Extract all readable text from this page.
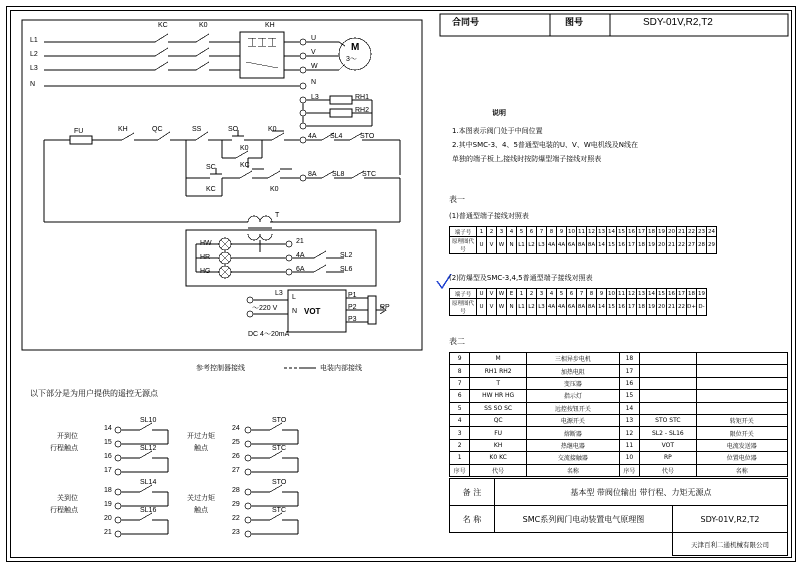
合同号	图号	SDY-01V,R2,T2
说明
1.本图表示阀门处于中间位置
2.其中SMC-3、4、5普通型电装的U、V、W电机线及N线在
单独的端子板上,接线时按防爆型端子接线对照表
表一
(1)普通型端子接线对照表
端子号	1	2	3	4	5	6	7	8	9	10	11	12	13	14	15	16	17	18	19	20	21	22	23	24
原理图代号	U	V	W	N	L1	L2	L3	4A	4A	6A	8A	8A	14	15	16	17	18	19	20	21	22	27	28	29
(2)防爆型及SMC-3,4,5普通型端子接线对照表
端子号	U	V	W	E	1	2	3	4	5	6	7	8	9	10	11	12	13	14	15	16	17	18	19
原理图代号	U	V	W	N	L1	L2	L3	4A	4A	6A	8A	8A	14	15	16	17	18	19	20	21	22	D+	D-
表二
9	M	三相异步电机	18		
8	RH1 RH2	加热电阻	17		
7	T	变压器	16		
6	HW HR HG	指示灯	15		
5	SS SO SC	远控按钮开关	14		
4	QC	电源开关	13	STO STC	转矩开关
3	FU	熔断器	12	SL2 - SL16	限位开关
2	KH	热继电器	11	VOT	电流发送器
1	K0 KC	交流接触器	10	RP	位置电位器
序号	代号	名称	序号	代号	名称
备 注	基本型 带阀位输出 带行程、力矩无源点	
名 称	SMC系列阀门电动装置电气原理图	SDY-01V,R2,T2
		天津百利二通机械有限公司
L1
L2
L3
N
KC	K0	KH
U
V
W
N
M
3～
L3	RH1
RH2
FU	KH	QC	SS	SO	K0
4A SL4	STO
K0
KC
SC
KC	K0
8A SL8	STC
T
HW
HR
HG
21
4A
6A
SL2
SL6
L3
～220 V
L
N VOT
P1
P2
P3
DC 4～20mA
RP
参考控制器接线	电装内部接线
以下部分是为用户提供的遥控无源点
开到位
行程触点
开过力矩
触点
关到位
行程触点
关过力矩
触点
14
15
16
17
SL10
SL12
24
25
26
27
STO
STC
18
19
20
21
SL14
SL16
28
29
22
23
STO
STC
